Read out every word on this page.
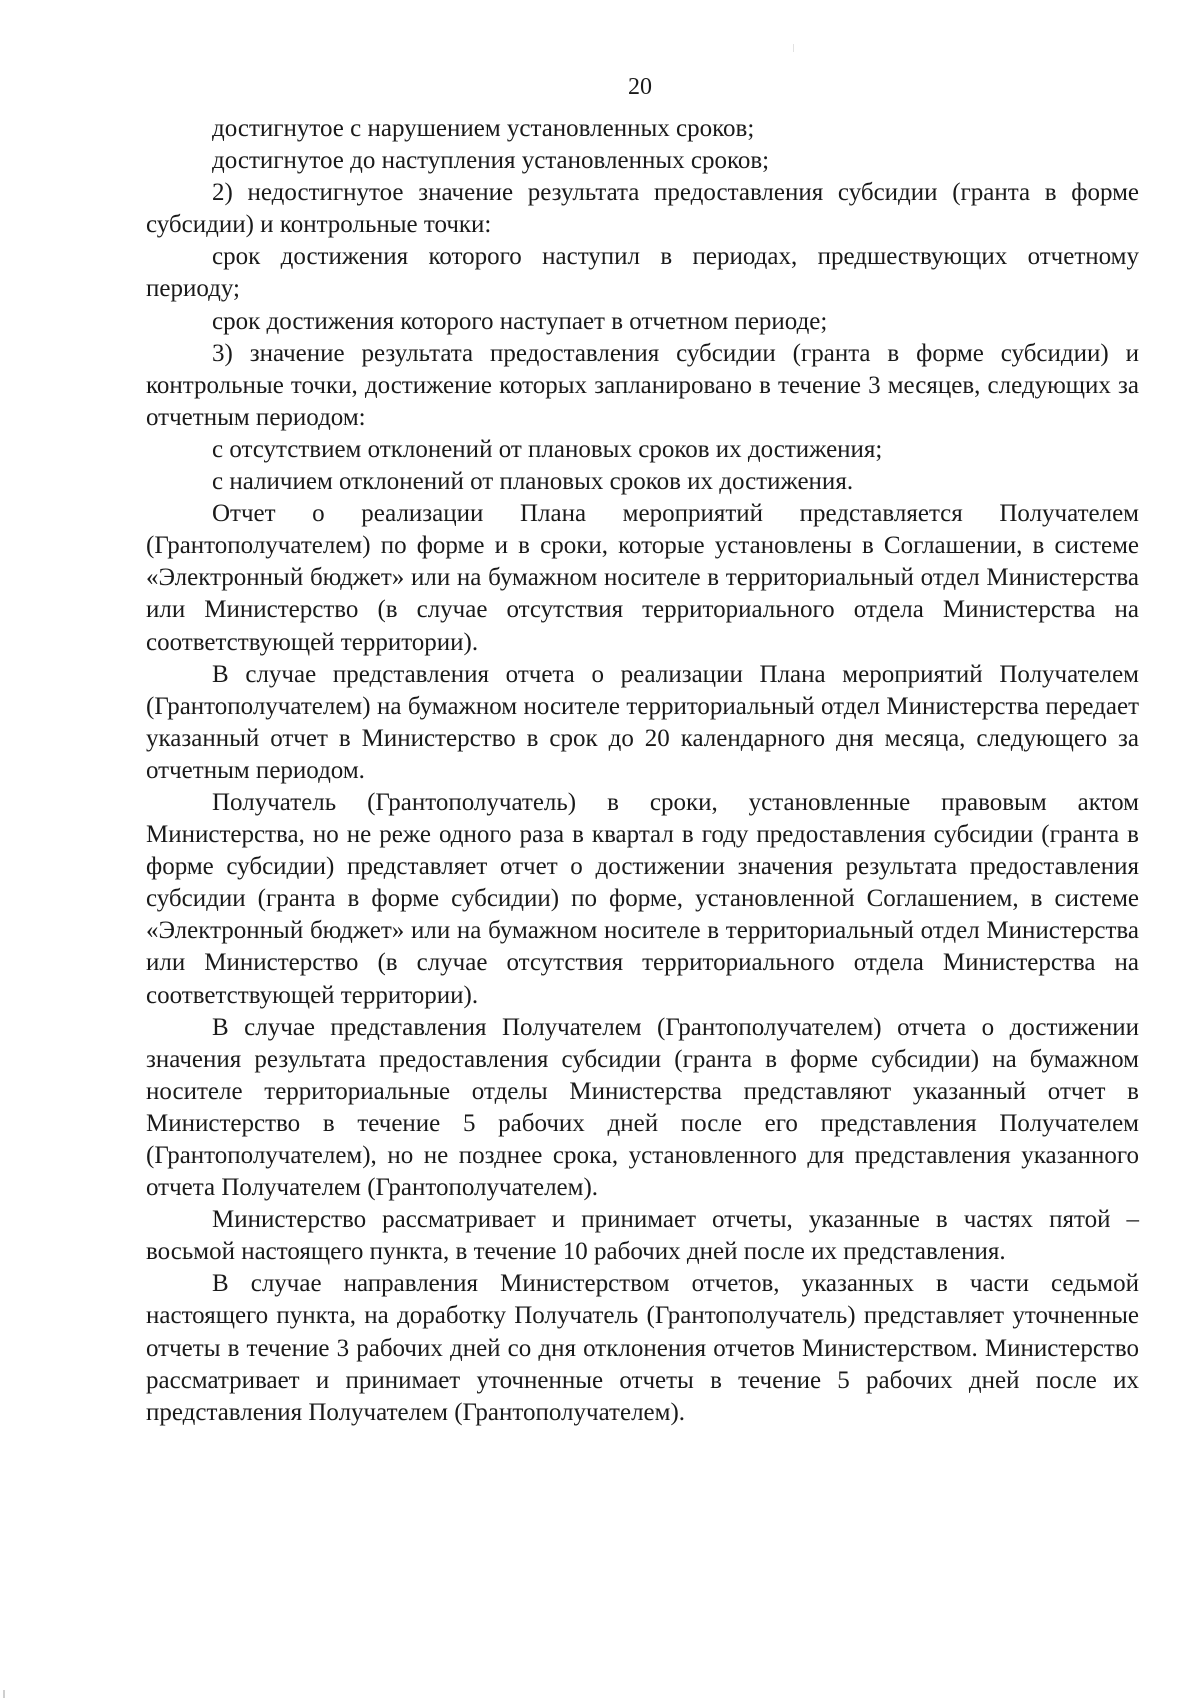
20

достигнутое с нарушением установленных сроков;

достигнутое до наступления установленных сроков;

2) недостигнутое значение результата предоставления субсидии (гранта в форме субсидии) и контрольные точки:

срок достижения которого наступил в периодах, предшествующих отчетному периоду;

срок достижения которого наступает в отчетном периоде;

3) значение результата предоставления субсидии (гранта в форме субсидии) и контрольные точки, достижение которых запланировано в течение 3 месяцев, следующих за отчетным периодом:

с отсутствием отклонений от плановых сроков их достижения;

с наличием отклонений от плановых сроков их достижения.

Отчет о реализации Плана мероприятий представляется Получателем (Грантополучателем) по форме и в сроки, которые установлены в Соглашении, в системе «Электронный бюджет» или на бумажном носителе в территориальный отдел Министерства или Министерство (в случае отсутствия территориального отдела Министерства на соответствующей территории).

В случае представления отчета о реализации Плана мероприятий Получателем (Грантополучателем) на бумажном носителе территориальный отдел Министерства передает указанный отчет в Министерство в срок до 20 календарного дня месяца, следующего за отчетным периодом.

Получатель (Грантополучатель) в сроки, установленные правовым актом Министерства, но не реже одного раза в квартал в году предоставления субсидии (гранта в форме субсидии) представляет отчет о достижении значения результата предоставления субсидии (гранта в форме субсидии) по форме, установленной Соглашением, в системе «Электронный бюджет» или на бумажном носителе в территориальный отдел Министерства или Министерство (в случае отсутствия территориального отдела Министерства на соответствующей территории).

В случае представления Получателем (Грантополучателем) отчета о достижении значения результата предоставления субсидии (гранта в форме субсидии) на бумажном носителе территориальные отделы Министерства представляют указанный отчет в Министерство в течение 5 рабочих дней после его представления Получателем (Грантополучателем), но не позднее срока, установленного для представления указанного отчета Получателем (Грантополучателем).

Министерство рассматривает и принимает отчеты, указанные в частях пятой – восьмой настоящего пункта, в течение 10 рабочих дней после их представления.

В случае направления Министерством отчетов, указанных в части седьмой настоящего пункта, на доработку Получатель (Грантополучатель) представляет уточненные отчеты в течение 3 рабочих дней со дня отклонения отчетов Министерством. Министерство рассматривает и принимает уточненные отчеты в течение 5 рабочих дней после их представления Получателем (Грантополучателем).
